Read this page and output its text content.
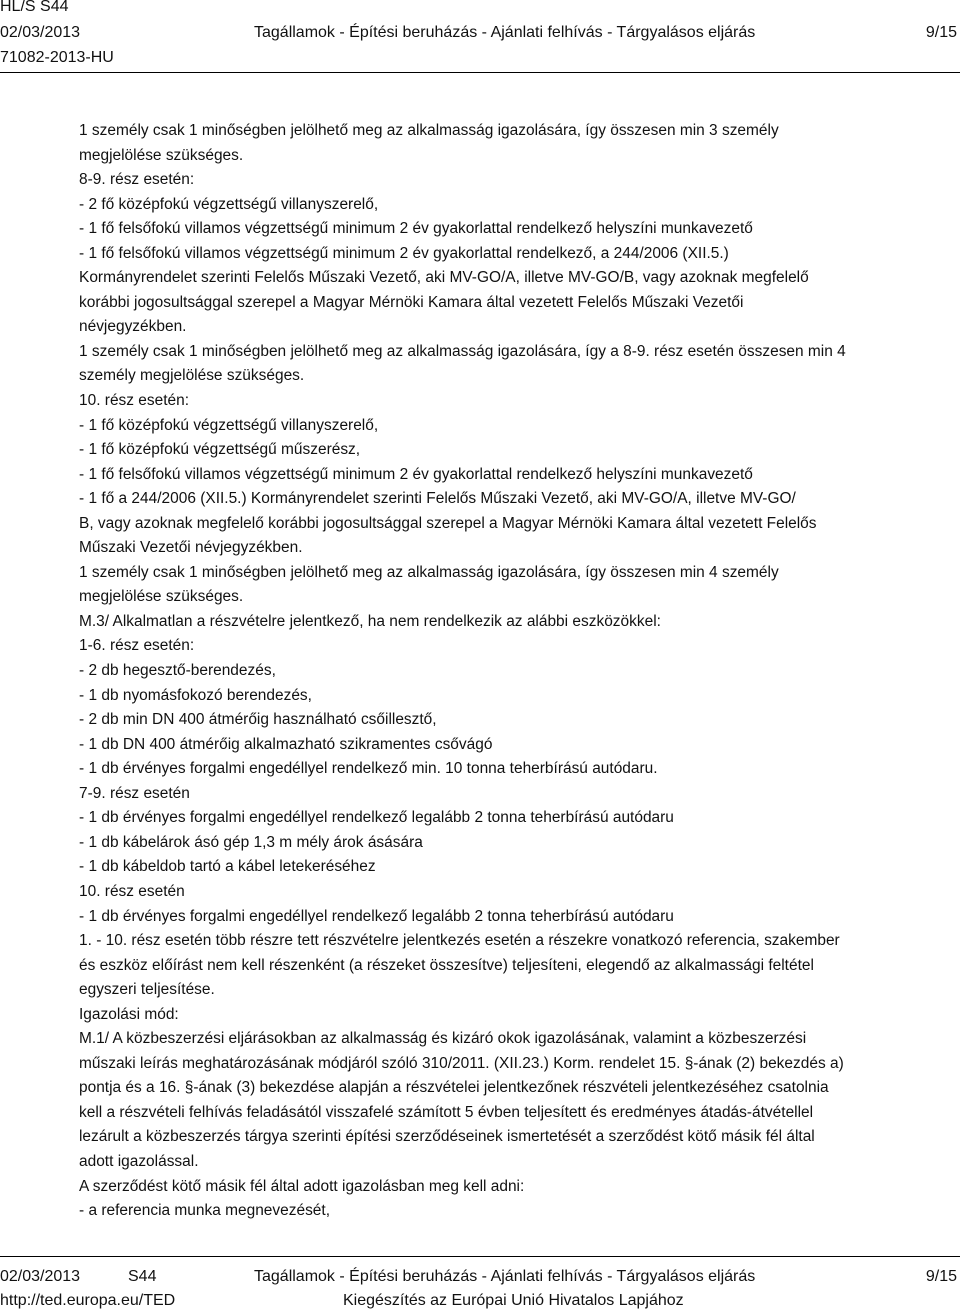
HL/S S44
02/03/2013
71082-2013-HU
Tagállamok - Építési beruházás - Ajánlati felhívás - Tárgyalásos eljárás	9/15
1 személy csak 1 minőségben jelölhető meg az alkalmasság igazolására, így összesen min 3 személy
megjelölése szükséges.
8-9. rész esetén:
- 2 fő középfokú végzettségű villanyszerelő,
- 1 fő felsőfokú villamos végzettségű minimum 2 év gyakorlattal rendelkező helyszíni munkavezető
- 1 fő felsőfokú villamos végzettségű minimum 2 év gyakorlattal rendelkező, a 244/2006 (XII.5.)
Kormányrendelet szerinti Felelős Műszaki Vezető, aki MV-GO/A, illetve MV-GO/B, vagy azoknak megfelelő
korábbi jogosultsággal szerepel a Magyar Mérnöki Kamara által vezetett Felelős Műszaki Vezetői
névjegyzékben.
1 személy csak 1 minőségben jelölhető meg az alkalmasság igazolására, így a 8-9. rész esetén összesen min 4
személy megjelölése szükséges.
10. rész esetén:
- 1 fő középfokú végzettségű villanyszerelő,
- 1 fő középfokú végzettségű műszerész,
- 1 fő felsőfokú villamos végzettségű minimum 2 év gyakorlattal rendelkező helyszíni munkavezető
- 1 fő a 244/2006 (XII.5.) Kormányrendelet szerinti Felelős Műszaki Vezető, aki MV-GO/A, illetve MV-GO/
B, vagy azoknak megfelelő korábbi jogosultsággal szerepel a Magyar Mérnöki Kamara által vezetett Felelős
Műszaki Vezetői névjegyzékben.
1 személy csak 1 minőségben jelölhető meg az alkalmasság igazolására, így összesen min 4 személy
megjelölése szükséges.
M.3/ Alkalmatlan a részvételre jelentkező, ha nem rendelkezik az alábbi eszközökkel:
1-6. rész esetén:
- 2 db hegesztő-berendezés,
- 1 db nyomásfokozó berendezés,
- 2 db min DN 400 átmérőig használható csőillesztő,
- 1 db DN 400 átmérőig alkalmazható szikramentes csővágó
- 1 db érvényes forgalmi engedéllyel rendelkező min. 10 tonna teherbírású autódaru.
7-9. rész esetén
- 1 db érvényes forgalmi engedéllyel rendelkező legalább 2 tonna teherbírású autódaru
- 1 db kábelárok ásó gép 1,3 m mély árok ásására
- 1 db kábeldob tartó a kábel letekeréséhez
10. rész esetén
- 1 db érvényes forgalmi engedéllyel rendelkező legalább 2 tonna teherbírású autódaru
1. - 10. rész esetén több részre tett részvételre jelentkezés esetén a részekre vonatkozó referencia, szakember
és eszköz előírást nem kell részenként (a részeket összesítve) teljesíteni, elegendő az alkalmassági feltétel
egyszeri teljesítése.
Igazolási mód:
M.1/ A közbeszerzési eljárásokban az alkalmasság és kizáró okok igazolásának, valamint a közbeszerzési
műszaki leírás meghatározásának módjáról szóló 310/2011. (XII.23.) Korm. rendelet 15. §-ának (2) bekezdés a)
pontja és a 16. §-ának (3) bekezdése alapján a részvételei jelentkezőnek részvételi jelentkezéséhez csatolnia
kell a részvételi felhívás feladásától visszafelé számított 5 évben teljesített és eredményes átadás-átvétellel
lezárult a közbeszerzés tárgya szerinti építési szerződéseinek ismertetését a szerződést kötő másik fél által
adott igazolással.
A szerződést kötő másik fél által adott igazolásban meg kell adni:
- a referencia munka megnevezését,
02/03/2013	S44	Tagállamok - Építési beruházás - Ajánlati felhívás - Tárgyalásos eljárás	9/15
http://ted.europa.eu/TED	Kiegészítés az Európai Unió Hivatalos Lapjához
